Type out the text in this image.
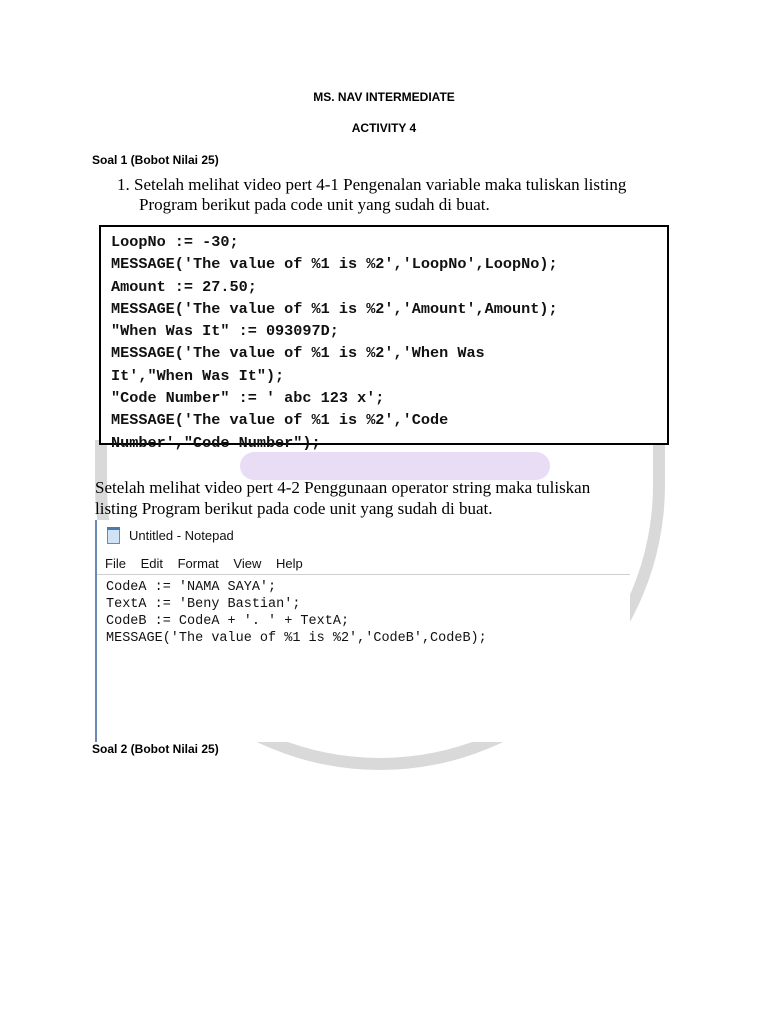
MS. NAV INTERMEDIATE
ACTIVITY 4
Soal 1 (Bobot Nilai 25)
1. Setelah melihat video pert 4-1 Pengenalan variable maka tuliskan listing
Program berikut pada code unit yang sudah di buat.
LoopNo := -30;
MESSAGE('The value of %1 is %2','LoopNo',LoopNo);
Amount := 27.50;
MESSAGE('The value of %1 is %2','Amount',Amount);
"When Was It" := 093097D;
MESSAGE('The value of %1 is %2','When Was
It',"When Was It");
"Code Number" := ' abc 123 x';
MESSAGE('The value of %1 is %2','Code
Number',"Code Number");
Setelah melihat video pert 4-2 Penggunaan operator string maka tuliskan
listing Program berikut pada code unit yang sudah di buat.
Untitled - Notepad
File Edit Format View Help
CodeA := 'NAMA SAYA';
TextA := 'Beny Bastian';
CodeB := CodeA + '. ' + TextA;
MESSAGE('The value of %1 is %2','CodeB',CodeB);
Soal 2 (Bobot Nilai 25)
